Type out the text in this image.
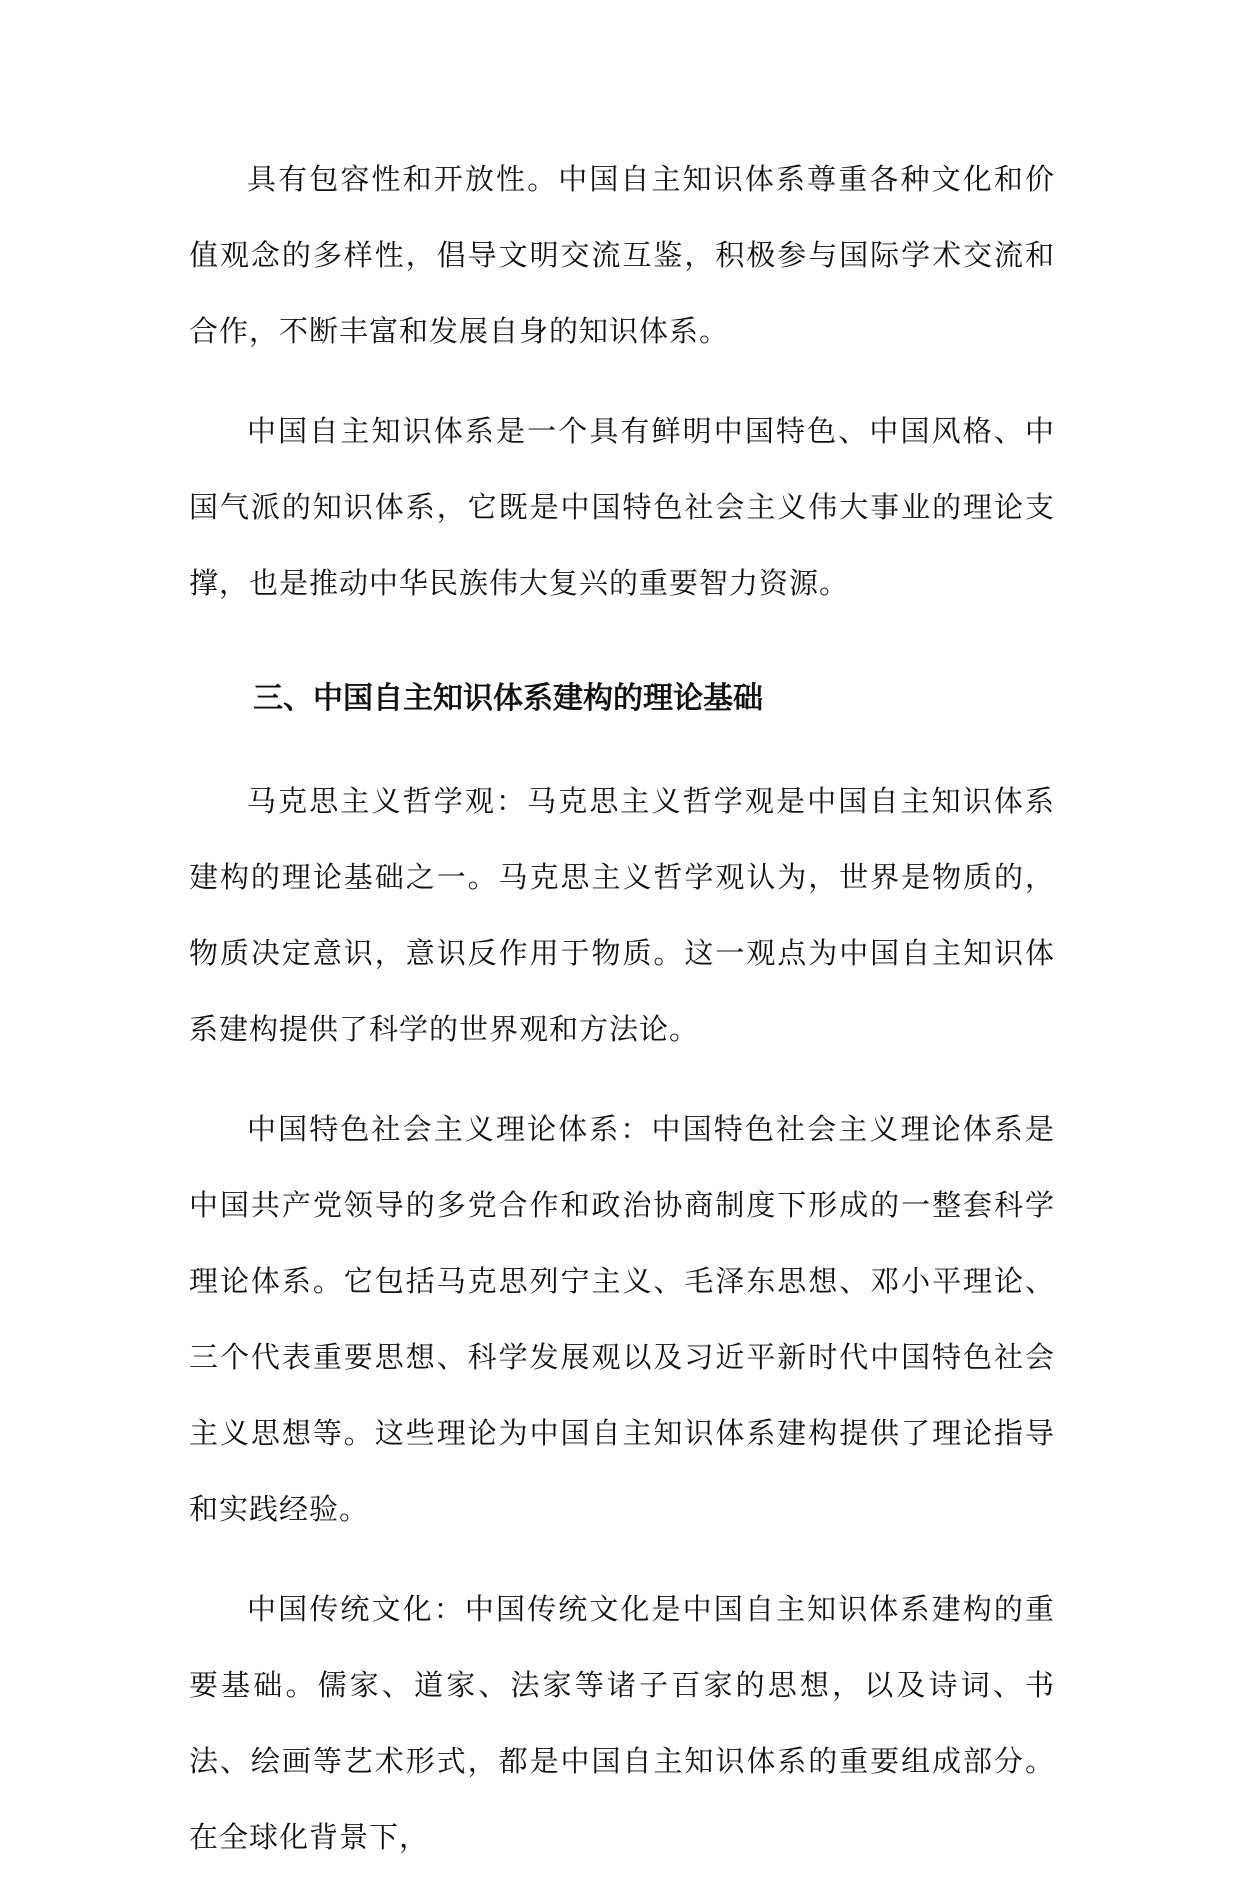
具有包容性和开放性。中国自主知识体系尊重各种文化和价值观念的多样性，倡导文明交流互鉴，积极参与国际学术交流和合作，不断丰富和发展自身的知识体系。

中国自主知识体系是一个具有鲜明中国特色、中国风格、中国气派的知识体系，它既是中国特色社会主义伟大事业的理论支撑，也是推动中华民族伟大复兴的重要智力资源。

三、中国自主知识体系建构的理论基础

马克思主义哲学观：马克思主义哲学观是中国自主知识体系建构的理论基础之一。马克思主义哲学观认为，世界是物质的，物质决定意识，意识反作用于物质。这一观点为中国自主知识体系建构提供了科学的世界观和方法论。

中国特色社会主义理论体系：中国特色社会主义理论体系是中国共产党领导的多党合作和政治协商制度下形成的一整套科学理论体系。它包括马克思列宁主义、毛泽东思想、邓小平理论、三个代表重要思想、科学发展观以及习近平新时代中国特色社会主义思想等。这些理论为中国自主知识体系建构提供了理论指导和实践经验。

中国传统文化：中国传统文化是中国自主知识体系建构的重要基础。儒家、道家、法家等诸子百家的思想，以及诗词、书法、绘画等艺术形式，都是中国自主知识体系的重要组成部分。在全球化背景下，
